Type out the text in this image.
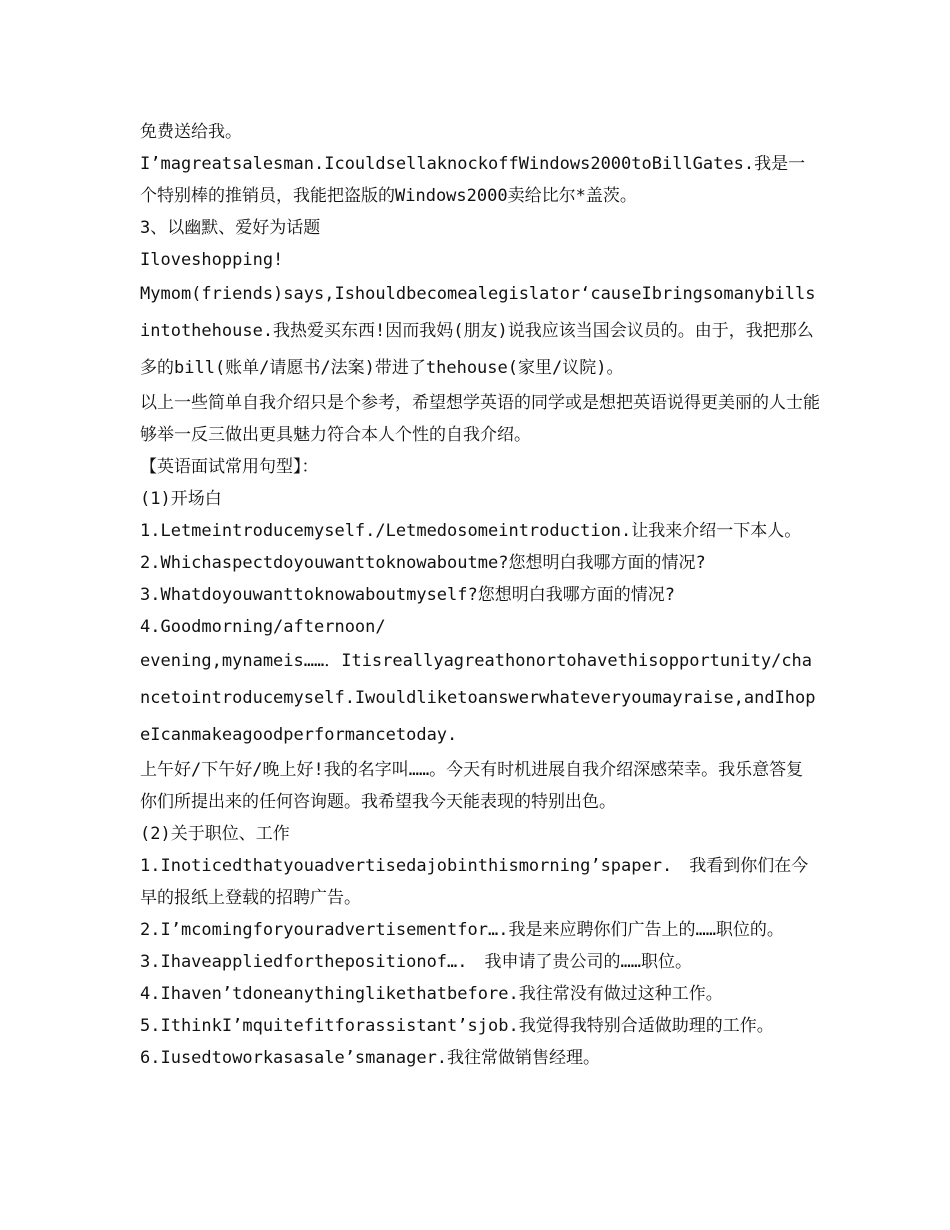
免费送给我。

I’magreatsalesman.IcouldsellaknockoffWindows2000toBillGates.我是一个特别棒的推销员，我能把盗版的Windows2000卖给比尔*盖茨。

3、以幽默、爱好为话题

Iloveshopping!

Mymom(friends)says,Ishouldbecomealegislator‘causeIbringsomanybillsintothehouse.我热爱买东西!因而我妈(朋友)说我应该当国会议员的。由于，我把那么多的bill(账单/请愿书/法案)带进了thehouse(家里/议院)。

以上一些简单自我介绍只是个参考，希望想学英语的同学或是想把英语说得更美丽的人士能够举一反三做出更具魅力符合本人个性的自我介绍。

【英语面试常用句型】：

(1)开场白

1.Letmeintroducemyself./Letmedosomeintroduction.让我来介绍一下本人。

2.Whichaspectdoyouwanttoknowaboutme?您想明白我哪方面的情况?

3.Whatdoyouwanttoknowaboutmyself?您想明白我哪方面的情况?

4.Goodmorning/afternoon/

evening,mynameis……．Itisreallyagreathonortohavethisopportunity/chancetointroducemyself.Iwouldliketoanswerwhateveryoumayraise,andIhopeIcanmakeagoodperformancetoday.

上午好/下午好/晚上好!我的名字叫……。今天有时机进展自我介绍深感荣幸。我乐意答复你们所提出来的任何咨询题。我希望我今天能表现的特别出色。

(2)关于职位、工作

1.Inoticedthatyouadvertisedajobinthismorning’spaper.　我看到你们在今早的报纸上登载的招聘广告。

2.I’mcomingforyouradvertisementfor….我是来应聘你们广告上的……职位的。

3.Ihaveappliedforthepositionof….　我申请了贵公司的……职位。

4.Ihaven’tdoneanythinglikethatbefore.我往常没有做过这种工作。

5.IthinkI’mquitefitforassistant’sjob.我觉得我特别合适做助理的工作。

6.Iusedtoworkasasale’smanager.我往常做销售经理。
